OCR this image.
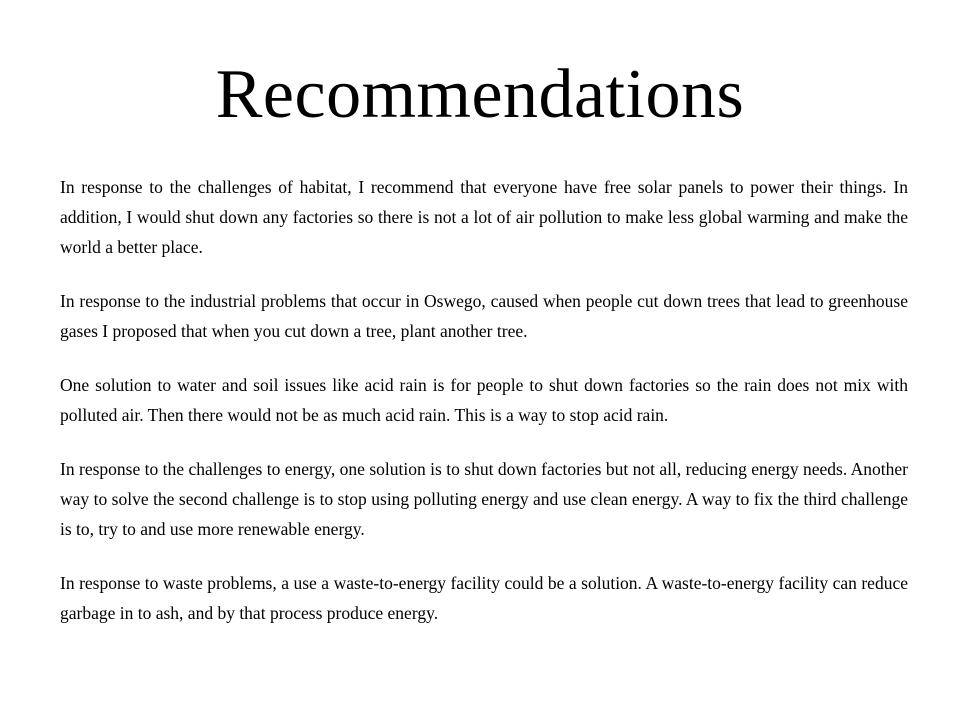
Recommendations

In response to the challenges of habitat, I recommend that everyone have free solar panels to power their things. In addition, I would shut down any factories so there is not a lot of air pollution to make less global warming and make the world a better place.

In response to the industrial problems that occur in Oswego, caused when people cut down trees that lead to greenhouse gases I proposed that when you cut down a tree, plant another tree.

One solution to water and soil issues like acid rain is for people to shut down factories so the rain does not mix with polluted air. Then there would not be as much acid rain. This is a way to stop acid rain.

In response to the challenges to energy, one solution is to shut down factories but not all, reducing energy needs. Another way to solve the second challenge is to stop using polluting energy and use clean energy. A way to fix the third challenge is to, try to and use more renewable energy.

In response to waste problems, a use a waste-to-energy facility could be a solution. A waste-to-energy facility can reduce garbage in to ash, and by that process produce energy.
